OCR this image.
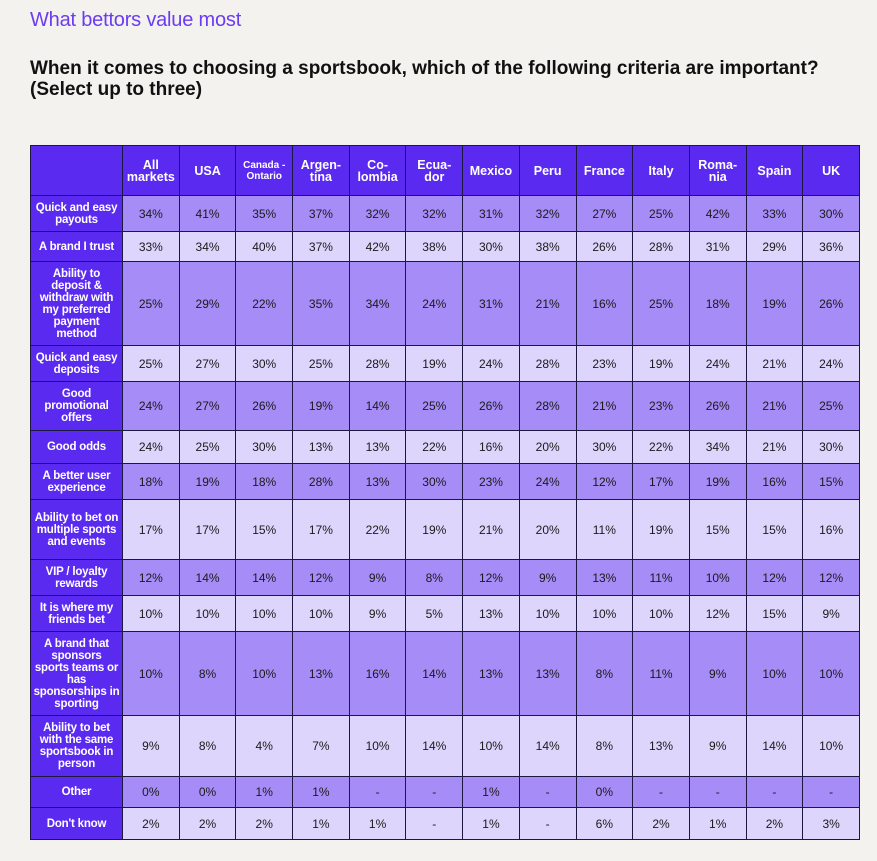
What bettors value most
When it comes to choosing a sportsbook, which of the following criteria are important? (Select up to three)
	All markets	USA	Canada - Ontario	Argen-tina	Co-lombia	Ecua-dor	Mexico	Peru	France	Italy	Roma-nia	Spain	UK
Quick and easy payouts	34%	41%	35%	37%	32%	32%	31%	32%	27%	25%	42%	33%	30%
A brand I trust	33%	34%	40%	37%	42%	38%	30%	38%	26%	28%	31%	29%	36%
Ability to deposit & withdraw with my preferred payment method	25%	29%	22%	35%	34%	24%	31%	21%	16%	25%	18%	19%	26%
Quick and easy deposits	25%	27%	30%	25%	28%	19%	24%	28%	23%	19%	24%	21%	24%
Good promotional offers	24%	27%	26%	19%	14%	25%	26%	28%	21%	23%	26%	21%	25%
Good odds	24%	25%	30%	13%	13%	22%	16%	20%	30%	22%	34%	21%	30%
A better user experience	18%	19%	18%	28%	13%	30%	23%	24%	12%	17%	19%	16%	15%
Ability to bet on multiple sports and events	17%	17%	15%	17%	22%	19%	21%	20%	11%	19%	15%	15%	16%
VIP / loyalty rewards	12%	14%	14%	12%	9%	8%	12%	9%	13%	11%	10%	12%	12%
It is where my friends bet	10%	10%	10%	10%	9%	5%	13%	10%	10%	10%	12%	15%	9%
A brand that sponsors sports teams or has sponsorships in sporting	10%	8%	10%	13%	16%	14%	13%	13%	8%	11%	9%	10%	10%
Ability to bet with the same sportsbook in person	9%	8%	4%	7%	10%	14%	10%	14%	8%	13%	9%	14%	10%
Other	0%	0%	1%	1%	-	-	1%	-	0%	-	-	-	-
Don't know	2%	2%	2%	1%	1%	-	1%	-	6%	2%	1%	2%	3%
